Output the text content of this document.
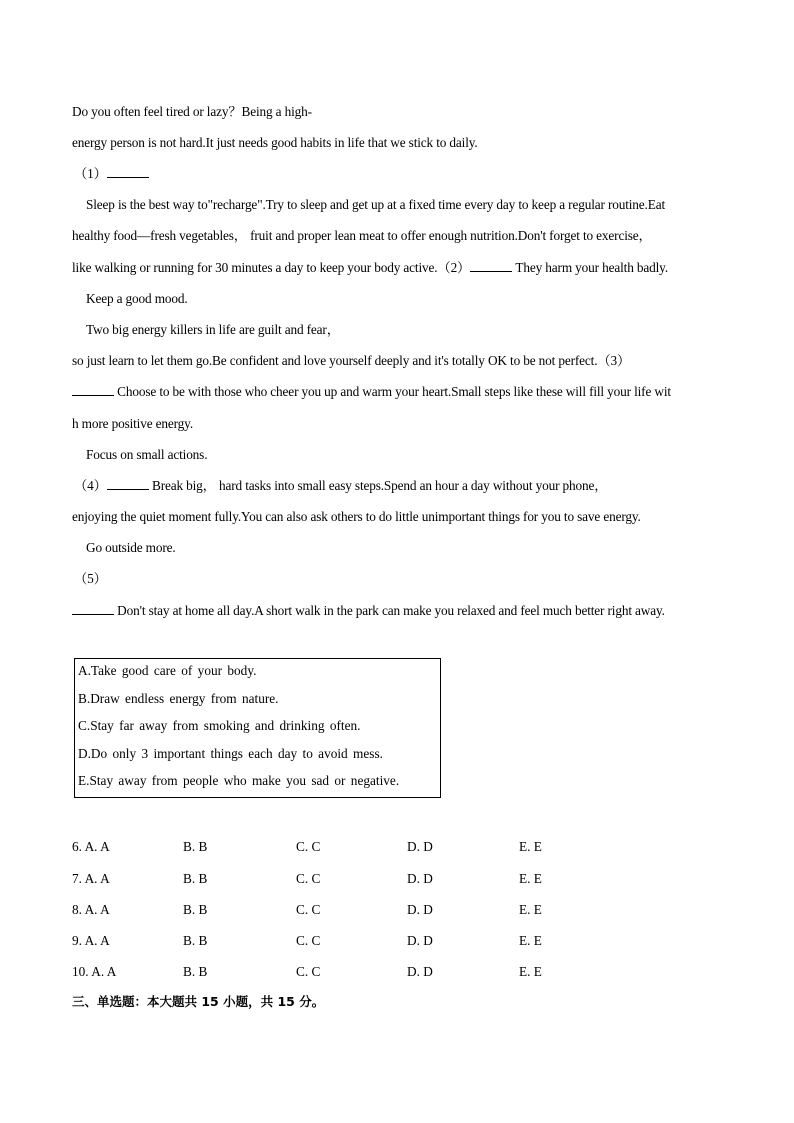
Do you often feel tired or lazy？Being a high-
energy person is not hard.It just needs good habits in life that we stick to daily.
（1）
Sleep is the best way to"recharge".Try to sleep and get up at a fixed time every day to keep a regular routine.Eat
healthy food—fresh vegetables， fruit and proper lean meat to offer enough nutrition.Don't forget to exercise，
like walking or running for 30 minutes a day to keep your body active.（2）	They harm your health badly.
Keep a good mood.
Two big energy killers in life are guilt and fear，
so just learn to let them go.Be confident and love yourself deeply and it's totally OK to be not perfect.（3）
Choose to be with those who cheer you up and warm your heart.Small steps like these will fill your life wit
h more positive energy.
Focus on small actions.
（4）	Break big， hard tasks into small easy steps.Spend an hour a day without your phone，
enjoying the quiet moment fully.You can also ask others to do little unimportant things for you to save energy.
Go outside more.
（5）
Don't stay at home all day.A short walk in the park can make you relaxed and feel much better right away.
A.Take good care of your body.
B.Draw endless energy from nature.
C.Stay far away from smoking and drinking often.
D.Do only 3 important things each day to avoid mess.
E.Stay away from people who make you sad or negative.
6. A. A	B. B	C. C	D. D	E. E
7. A. A	B. B	C. C	D. D	E. E
8. A. A	B. B	C. C	D. D	E. E
9. A. A	B. B	C. C	D. D	E. E
10. A. A	B. B	C. C	D. D	E. E
三、单选题：本大题共 15 小题，共 15 分。
